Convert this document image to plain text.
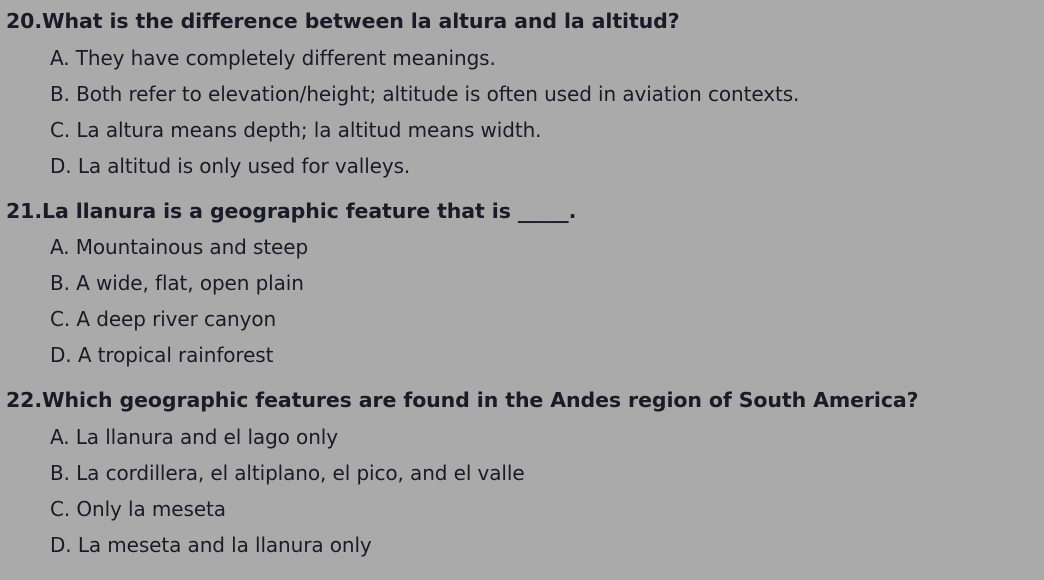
20. What is the difference between la altura and la altitud?
A. They have completely different meanings.
B. Both refer to elevation/height; altitude is often used in aviation contexts.
C. La altura means depth; la altitud means width.
D. La altitud is only used for valleys.
21. La llanura is a geographic feature that is _____.
A. Mountainous and steep
B. A wide, flat, open plain
C. A deep river canyon
D. A tropical rainforest
22. Which geographic features are found in the Andes region of South America?
A. La llanura and el lago only
B. La cordillera, el altiplano, el pico, and el valle
C. Only la meseta
D. La meseta and la llanura only
